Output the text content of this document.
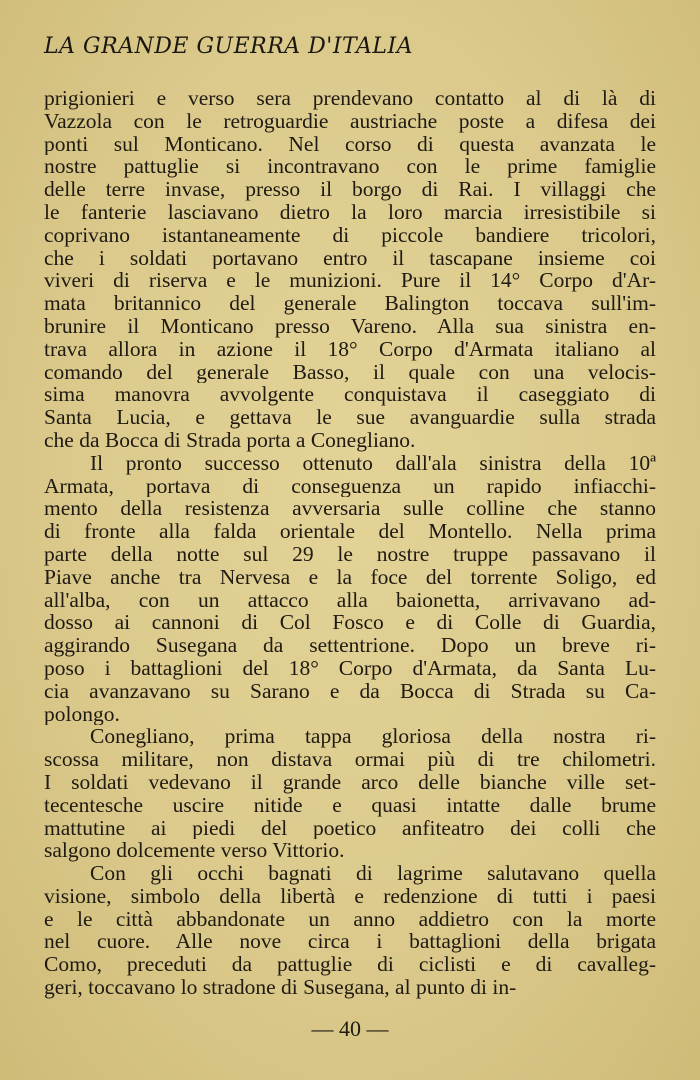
LA GRANDE GUERRA D'ITALIA
prigionieri e verso sera prendevano contatto al di là di
Vazzola con le retroguardie austriache poste a difesa dei
ponti sul Monticano. Nel corso di questa avanzata le
nostre pattuglie si incontravano con le prime famiglie
delle terre invase, presso il borgo di Rai. I villaggi che
le fanterie lasciavano dietro la loro marcia irresistibile si
coprivano istantaneamente di piccole bandiere tricolori,
che i soldati portavano entro il tascapane insieme coi
viveri di riserva e le munizioni. Pure il 14° Corpo d'Ar-
mata britannico del generale Balington toccava sull'im-
brunire il Monticano presso Vareno. Alla sua sinistra en-
trava allora in azione il 18° Corpo d'Armata italiano al
comando del generale Basso, il quale con una velocis-
sima manovra avvolgente conquistava il caseggiato di
Santa Lucia, e gettava le sue avanguardie sulla strada
che da Bocca di Strada porta a Conegliano.
Il pronto successo ottenuto dall'ala sinistra della 10ª
Armata, portava di conseguenza un rapido infiacchi-
mento della resistenza avversaria sulle colline che stanno
di fronte alla falda orientale del Montello. Nella prima
parte della notte sul 29 le nostre truppe passavano il
Piave anche tra Nervesa e la foce del torrente Soligo, ed
all'alba, con un attacco alla baionetta, arrivavano ad-
dosso ai cannoni di Col Fosco e di Colle di Guardia,
aggirando Susegana da settentrione. Dopo un breve ri-
poso i battaglioni del 18° Corpo d'Armata, da Santa Lu-
cia avanzavano su Sarano e da Bocca di Strada su Ca-
polongo.
Conegliano, prima tappa gloriosa della nostra ri-
scossa militare, non distava ormai più di tre chilometri.
I soldati vedevano il grande arco delle bianche ville set-
tecentesche uscire nitide e quasi intatte dalle brume
mattutine ai piedi del poetico anfiteatro dei colli che
salgono dolcemente verso Vittorio.
Con gli occhi bagnati di lagrime salutavano quella
visione, simbolo della libertà e redenzione di tutti i paesi
e le città abbandonate un anno addietro con la morte
nel cuore. Alle nove circa i battaglioni della brigata
Como, preceduti da pattuglie di ciclisti e di cavalleg-
geri, toccavano lo stradone di Susegana, al punto di in-

— 40 —
